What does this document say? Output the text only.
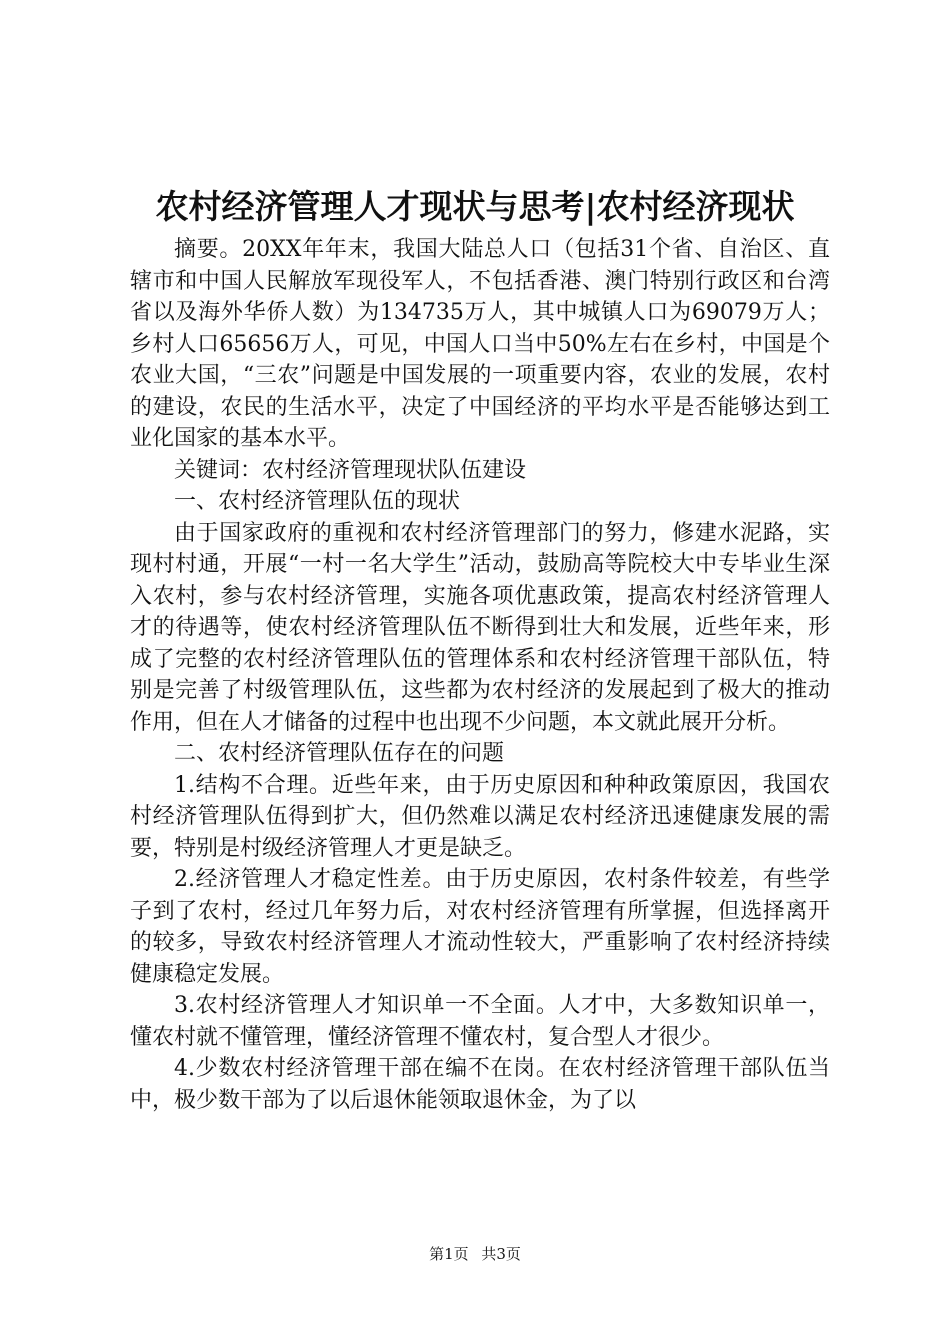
农村经济管理人才现状与思考|农村经济现状

摘要。20XX年年末，我国大陆总人口（包括31个省、自治区、直辖市和中国人民解放军现役军人，不包括香港、澳门特别行政区和台湾省以及海外华侨人数）为134735万人，其中城镇人口为69079万人；乡村人口65656万人，可见，中国人口当中50%左右在乡村，中国是个农业大国，“三农”问题是中国发展的一项重要内容，农业的发展，农村的建设，农民的生活水平，决定了中国经济的平均水平是否能够达到工业化国家的基本水平。

关键词：农村经济管理现状队伍建设

一、农村经济管理队伍的现状

由于国家政府的重视和农村经济管理部门的努力，修建水泥路，实现村村通，开展“一村一名大学生”活动，鼓励高等院校大中专毕业生深入农村，参与农村经济管理，实施各项优惠政策，提高农村经济管理人才的待遇等，使农村经济管理队伍不断得到壮大和发展，近些年来，形成了完整的农村经济管理队伍的管理体系和农村经济管理干部队伍，特别是完善了村级管理队伍，这些都为农村经济的发展起到了极大的推动作用，但在人才储备的过程中也出现不少问题，本文就此展开分析。

二、农村经济管理队伍存在的问题

1.结构不合理。近些年来，由于历史原因和种种政策原因，我国农村经济管理队伍得到扩大，但仍然难以满足农村经济迅速健康发展的需要，特别是村级经济管理人才更是缺乏。

2.经济管理人才稳定性差。由于历史原因，农村条件较差，有些学子到了农村，经过几年努力后，对农村经济管理有所掌握，但选择离开的较多，导致农村经济管理人才流动性较大，严重影响了农村经济持续健康稳定发展。

3.农村经济管理人才知识单一不全面。人才中，大多数知识单一，懂农村就不懂管理，懂经济管理不懂农村，复合型人才很少。

4.少数农村经济管理干部在编不在岗。在农村经济管理干部队伍当中，极少数干部为了以后退休能领取退休金，为了以

第1页 共3页
